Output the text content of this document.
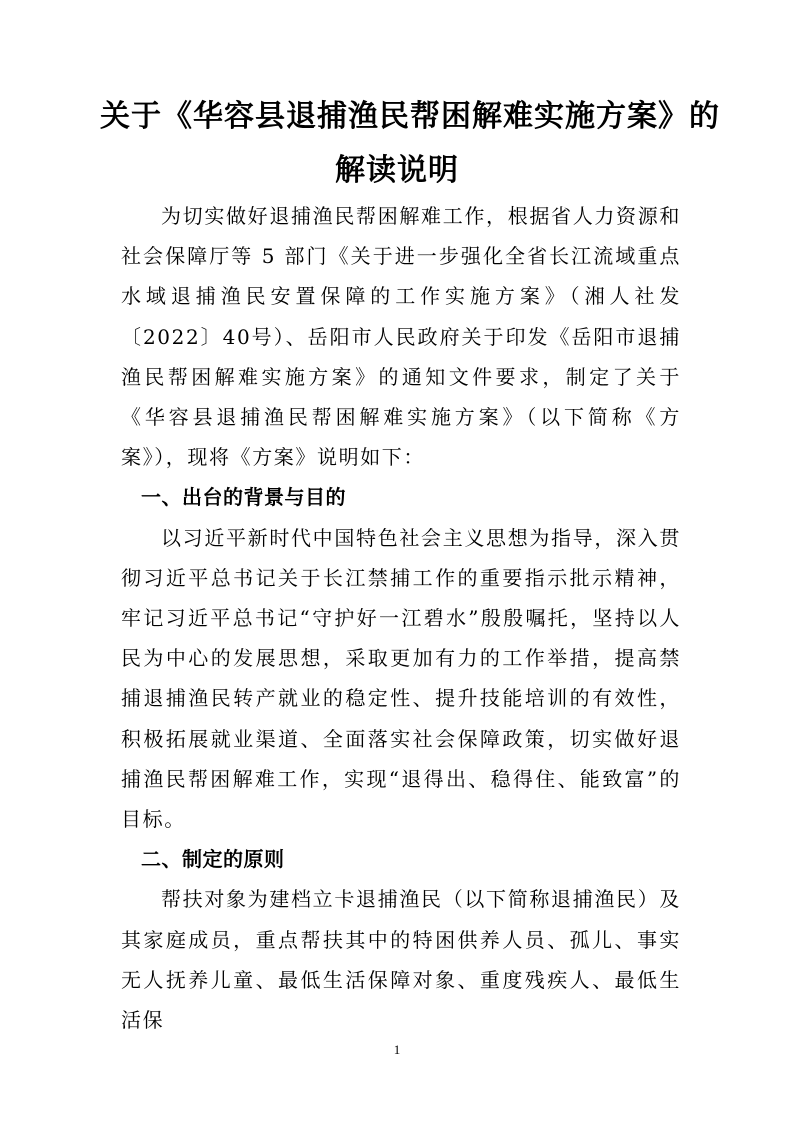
关于《华容县退捕渔民帮困解难实施方案》的
解读说明

为切实做好退捕渔民帮困解难工作，根据省人力资源和社会保障厅等 5 部门《关于进一步强化全省长江流域重点水域退捕渔民安置保障的工作实施方案》（湘人社发〔2022〕40号）、岳阳市人民政府关于印发《岳阳市退捕渔民帮困解难实施方案》的通知文件要求，制定了关于《华容县退捕渔民帮困解难实施方案》（以下简称《方案》），现将《方案》说明如下：

一、出台的背景与目的

以习近平新时代中国特色社会主义思想为指导，深入贯彻习近平总书记关于长江禁捕工作的重要指示批示精神，牢记习近平总书记“守护好一江碧水”殷殷嘱托，坚持以人民为中心的发展思想，采取更加有力的工作举措，提高禁捕退捕渔民转产就业的稳定性、提升技能培训的有效性，积极拓展就业渠道、全面落实社会保障政策，切实做好退捕渔民帮困解难工作，实现“退得出、稳得住、能致富”的目标。

二、制定的原则

帮扶对象为建档立卡退捕渔民（以下简称退捕渔民）及其家庭成员，重点帮扶其中的特困供养人员、孤儿、事实无人抚养儿童、最低生活保障对象、重度残疾人、最低生活保

1
